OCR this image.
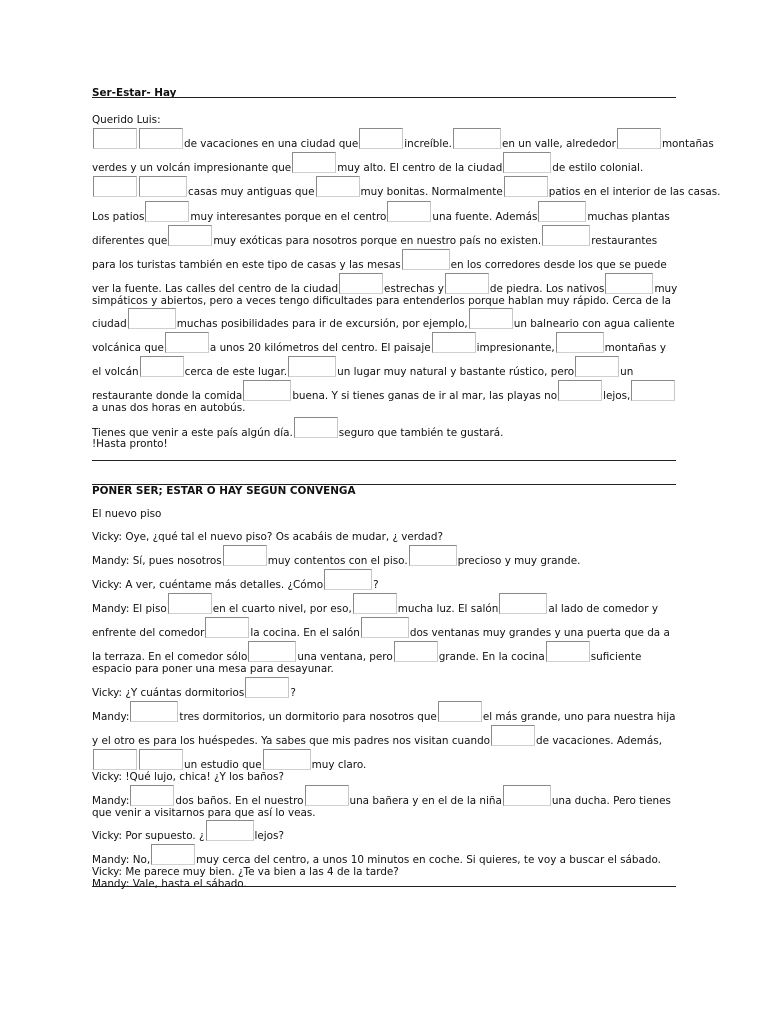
Ser-Estar- Hay
Querido Luis:
de vacaciones en una ciudad que	increíble.	en un valle, alrededor	montañas
verdes y un volcán impresionante que	muy alto. El centro de la ciudad	de estilo colonial.
casas muy antiguas que	muy bonitas. Normalmente	patios en el interior de las casas.
Los patios	muy interesantes porque en el centro	una fuente. Además	muchas plantas
diferentes que	muy exóticas para nosotros porque en nuestro país no existen.	restaurantes
para los turistas también en este tipo de casas y las mesas	en los corredores desde los que se puede
ver la fuente. Las calles del centro de la ciudad	estrechas y	de piedra. Los nativos	muy
simpáticos y abiertos, pero a veces tengo dificultades para entenderlos porque hablan muy rápido. Cerca de la
ciudad	muchas posibilidades para ir de excursión, por ejemplo,	un balneario con agua caliente
volcánica que	a unos 20 kilómetros del centro. El paisaje	impresionante,	montañas y
el volcán	cerca de este lugar.	un lugar muy natural y bastante rústico, pero	un
restaurante donde la comida	buena. Y si tienes ganas de ir al mar, las playas no	lejos,
a unas dos horas en autobús.
Tienes que venir a este país algún día.	seguro que también te gustará.
!Hasta pronto!
PONER SER; ESTAR O HAY SEGÚN CONVENGA
El nuevo piso
Vicky: Oye, ¿qué tal el nuevo piso? Os acabáis de mudar, ¿ verdad?
Mandy: Sí, pues nosotros	muy contentos con el piso.	precioso y muy grande.
Vicky: A ver, cuéntame más detalles. ¿Cómo	?
Mandy: El piso	en el cuarto nivel, por eso,	mucha luz. El salón	al lado de comedor y
enfrente del comedor	la cocina. En el salón	dos ventanas muy grandes y una puerta que da a
la terraza. En el comedor sólo	una ventana, pero	grande. En la cocina	suficiente
espacio para poner una mesa para desayunar.
Vicky: ¿Y cuántas dormitorios	?
Mandy:	tres dormitorios, un dormitorio para nosotros que	el más grande, uno para nuestra hija
y el otro es para los huéspedes. Ya sabes que mis padres nos visitan cuando	de vacaciones. Además,
un estudio que	muy claro.
Vicky: !Qué lujo, chica! ¿Y los baños?
Mandy:	dos baños. En el nuestro	una bañera y en el de la niña	una ducha. Pero tienes
que venir a visitarnos para que así lo veas.
Vicky: Por supuesto. ¿	lejos?
Mandy: No,	muy cerca del centro, a unos 10 minutos en coche. Si quieres, te voy a buscar el sábado.
Vicky: Me parece muy bien. ¿Te va bien a las 4 de la tarde?
Mandy: Vale, hasta el sábado.
